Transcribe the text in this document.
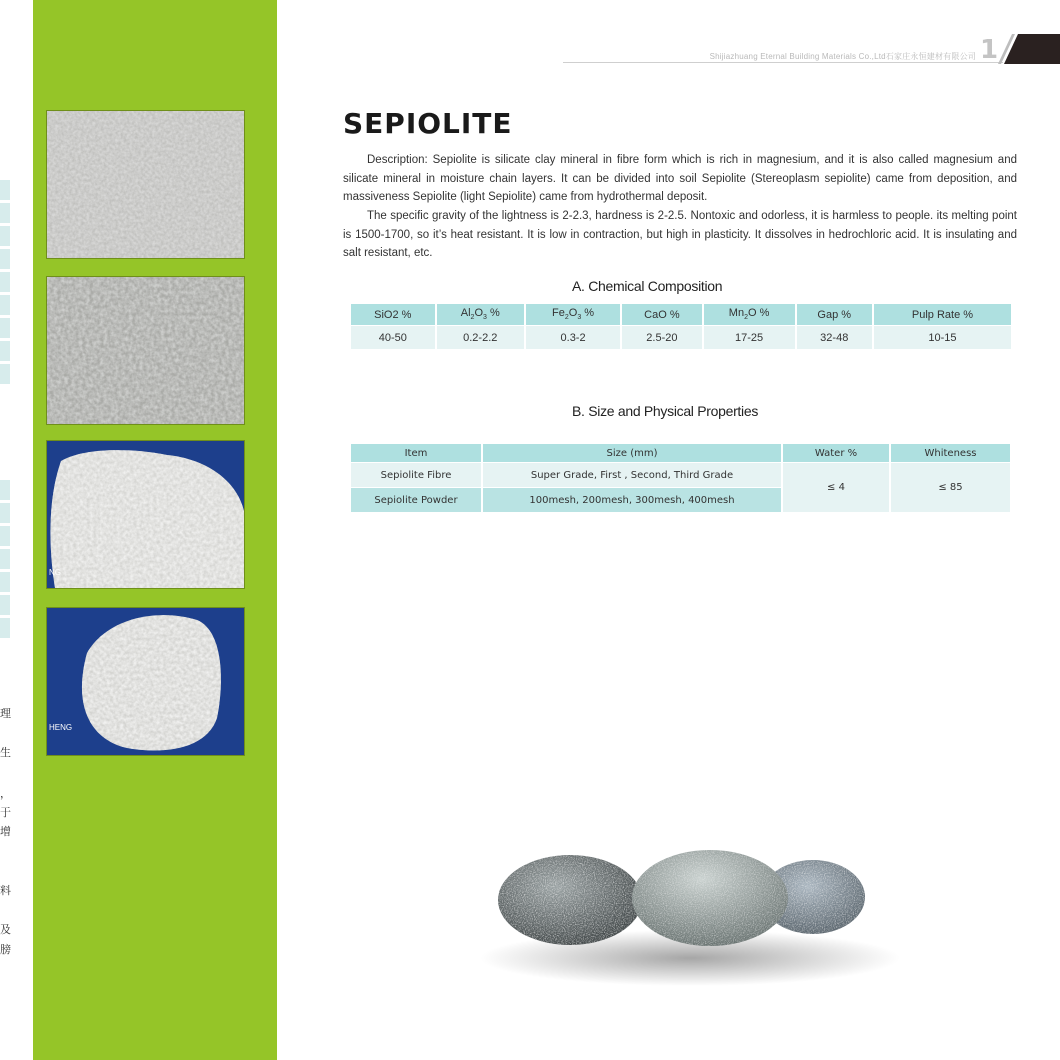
理
生
，
于
增
料
及
膀
NG
HENG
Shijiazhuang Eternal Building Materials Co.,Ltd石家庄永恒建材有限公司 1
SEPIOLITE
Description: Sepiolite is silicate clay mineral in fibre form which is rich in magnesium, and it is also called magnesium and silicate mineral in moisture chain layers. It can be divided into soil Sepiolite (Stereoplasm sepiolite) came from deposition, and massiveness Sepiolite (light Sepiolite) came from hydrothermal deposit.
The specific gravity of the lightness is 2-2.3, hardness is 2-2.5. Nontoxic and odorless, it is harmless to people. its melting point is 1500-1700, so it’s heat resistant. It is low in contraction, but high in plasticity. It dissolves in hedrochloric acid. It is insulating and salt resistant, etc.
A. Chemical Composition
SiO2 %	$Al_2O_3$ %	$Fe_2O_3$ %	CaO %	$Mn_2O$ %	Gap %	Pulp Rate %
40-50	0.2-2.2	0.3-2	2.5-20	17-25	32-48	10-15
B. Size and Physical Properties
Item	Size (mm)	Water %	Whiteness
Sepiolite Fibre	Super Grade, First , Second, Third Grade	≤ 4	≤ 85
Sepiolite Powder	100mesh, 200mesh, 300mesh, 400mesh		
